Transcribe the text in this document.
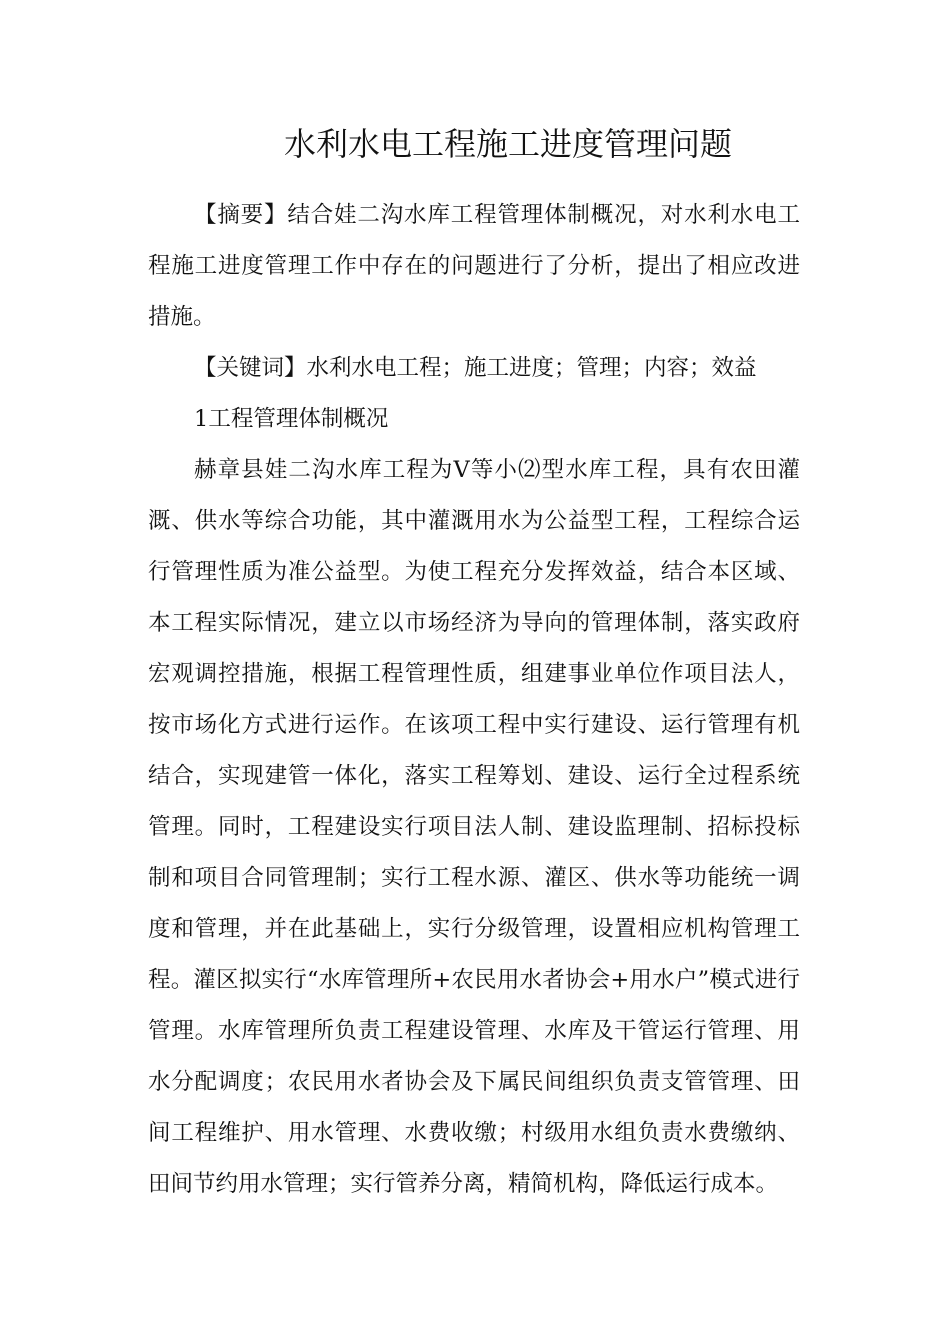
水利水电工程施工进度管理问题
【摘要】结合娃二沟水库工程管理体制概况，对水利水电工程施工进度管理工作中存在的问题进行了分析，提出了相应改进措施。
【关键词】水利水电工程；施工进度；管理；内容；效益
1工程管理体制概况
赫章县娃二沟水库工程为Ⅴ等小⑵型水库工程，具有农田灌溉、供水等综合功能，其中灌溉用水为公益型工程，工程综合运行管理性质为准公益型。为使工程充分发挥效益，结合本区域、本工程实际情况，建立以市场经济为导向的管理体制，落实政府宏观调控措施，根据工程管理性质，组建事业单位作项目法人，按市场化方式进行运作。在该项工程中实行建设、运行管理有机结合，实现建管一体化，落实工程筹划、建设、运行全过程系统管理。同时，工程建设实行项目法人制、建设监理制、招标投标制和项目合同管理制；实行工程水源、灌区、供水等功能统一调度和管理，并在此基础上，实行分级管理，设置相应机构管理工程。灌区拟实行“水库管理所+农民用水者协会+用水户”模式进行管理。水库管理所负责工程建设管理、水库及干管运行管理、用水分配调度；农民用水者协会及下属民间组织负责支管管理、田间工程维护、用水管理、水费收缴；村级用水组负责水费缴纳、田间节约用水管理；实行管养分离，精简机构，降低运行成本。
